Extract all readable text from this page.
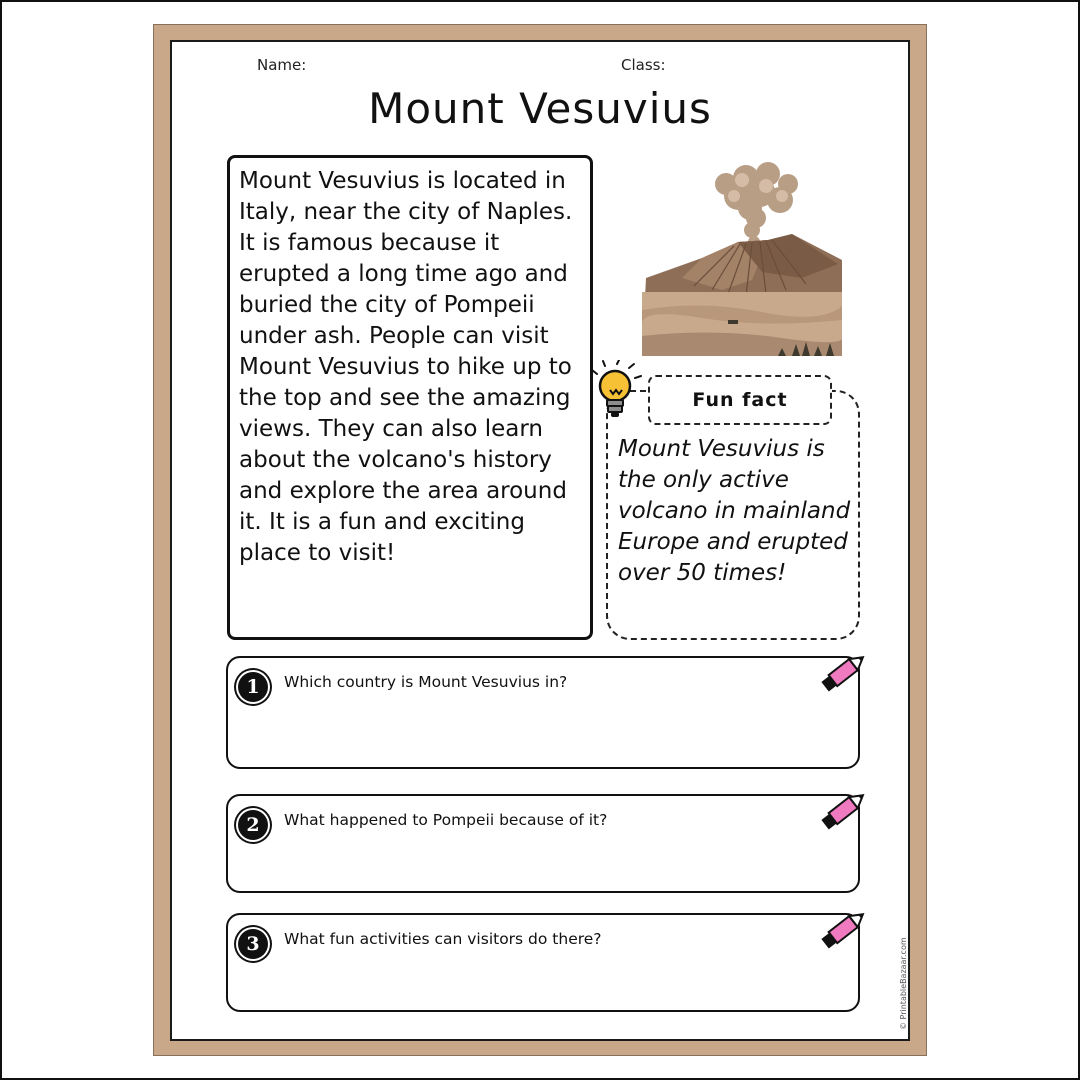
Name:	Class:
Mount Vesuvius

Mount Vesuvius is located in Italy, near the city of Naples. It is famous because it erupted a long time ago and buried the city of Pompeii under ash. People can visit Mount Vesuvius to hike up to the top and see the amazing views. They can also learn about the volcano's history and explore the area around it. It is a fun and exciting place to visit!

Fun fact

Mount Vesuvius is the only active volcano in mainland Europe and erupted over 50 times!

1	Which country is Mount Vesuvius in?
2	What happened to Pompeii because of it?
3	What fun activities can visitors do there?	© PrintableBazaar.com
